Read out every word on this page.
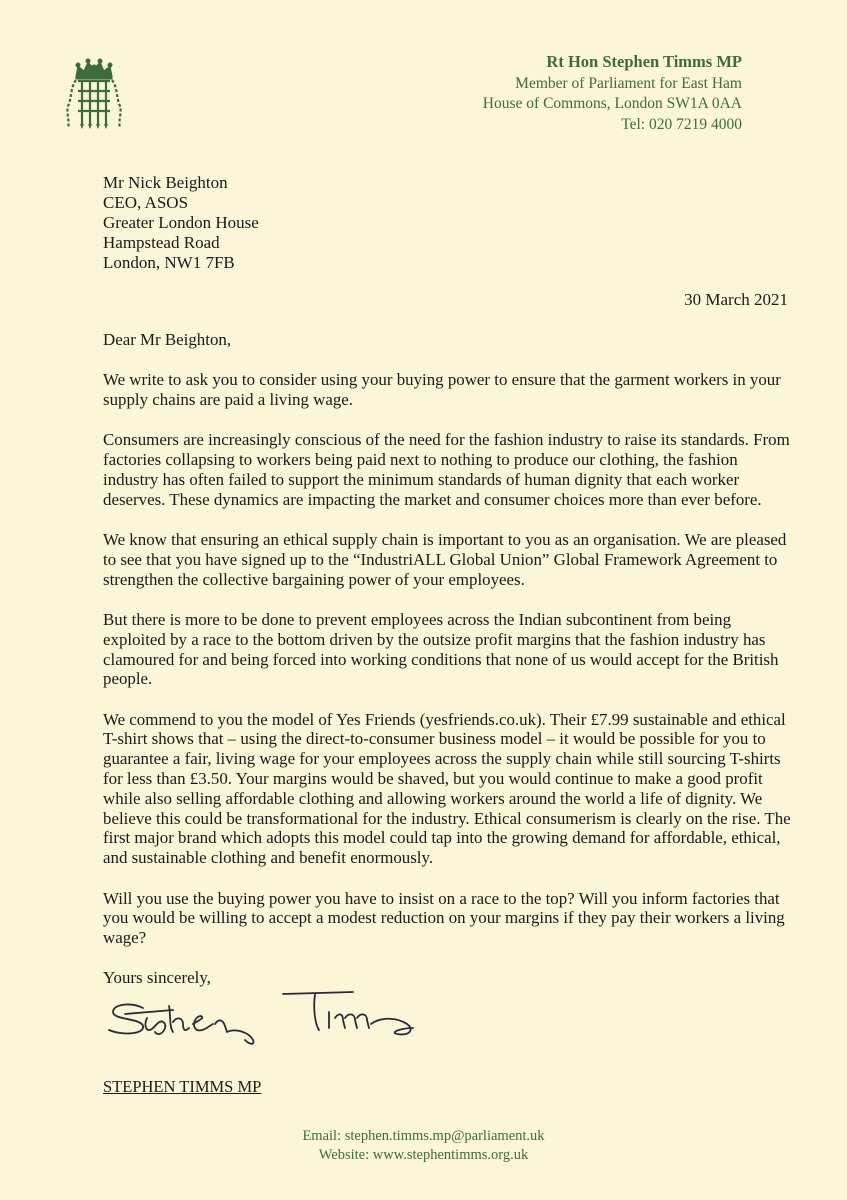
Rt Hon Stephen Timms MP
Member of Parliament for East Ham
House of Commons, London SW1A 0AA
Tel: 020 7219 4000
Mr Nick Beighton
CEO, ASOS
Greater London House
Hampstead Road
London, NW1 7FB
30 March 2021

Dear Mr Beighton,

We write to ask you to consider using your buying power to ensure that the garment workers in your supply chains are paid a living wage.

Consumers are increasingly conscious of the need for the fashion industry to raise its standards. From factories collapsing to workers being paid next to nothing to produce our clothing, the fashion industry has often failed to support the minimum standards of human dignity that each worker deserves. These dynamics are impacting the market and consumer choices more than ever before.

We know that ensuring an ethical supply chain is important to you as an organisation. We are pleased to see that you have signed up to the “IndustriALL Global Union” Global Framework Agreement to strengthen the collective bargaining power of your employees.

But there is more to be done to prevent employees across the Indian subcontinent from being exploited by a race to the bottom driven by the outsize profit margins that the fashion industry has clamoured for and being forced into working conditions that none of us would accept for the British people.

We commend to you the model of Yes Friends (yesfriends.co.uk). Their £7.99 sustainable and ethical T-shirt shows that – using the direct-to-consumer business model – it would be possible for you to guarantee a fair, living wage for your employees across the supply chain while still sourcing T-shirts for less than £3.50. Your margins would be shaved, but you would continue to make a good profit while also selling affordable clothing and allowing workers around the world a life of dignity. We believe this could be transformational for the industry. Ethical consumerism is clearly on the rise. The first major brand which adopts this model could tap into the growing demand for affordable, ethical, and sustainable clothing and benefit enormously.

Will you use the buying power you have to insist on a race to the top? Will you inform factories that you would be willing to accept a modest reduction on your margins if they pay their workers a living wage?

Yours sincerely,

STEPHEN TIMMS MP
Email: stephen.timms.mp@parliament.uk
Website: www.stephentimms.org.uk
